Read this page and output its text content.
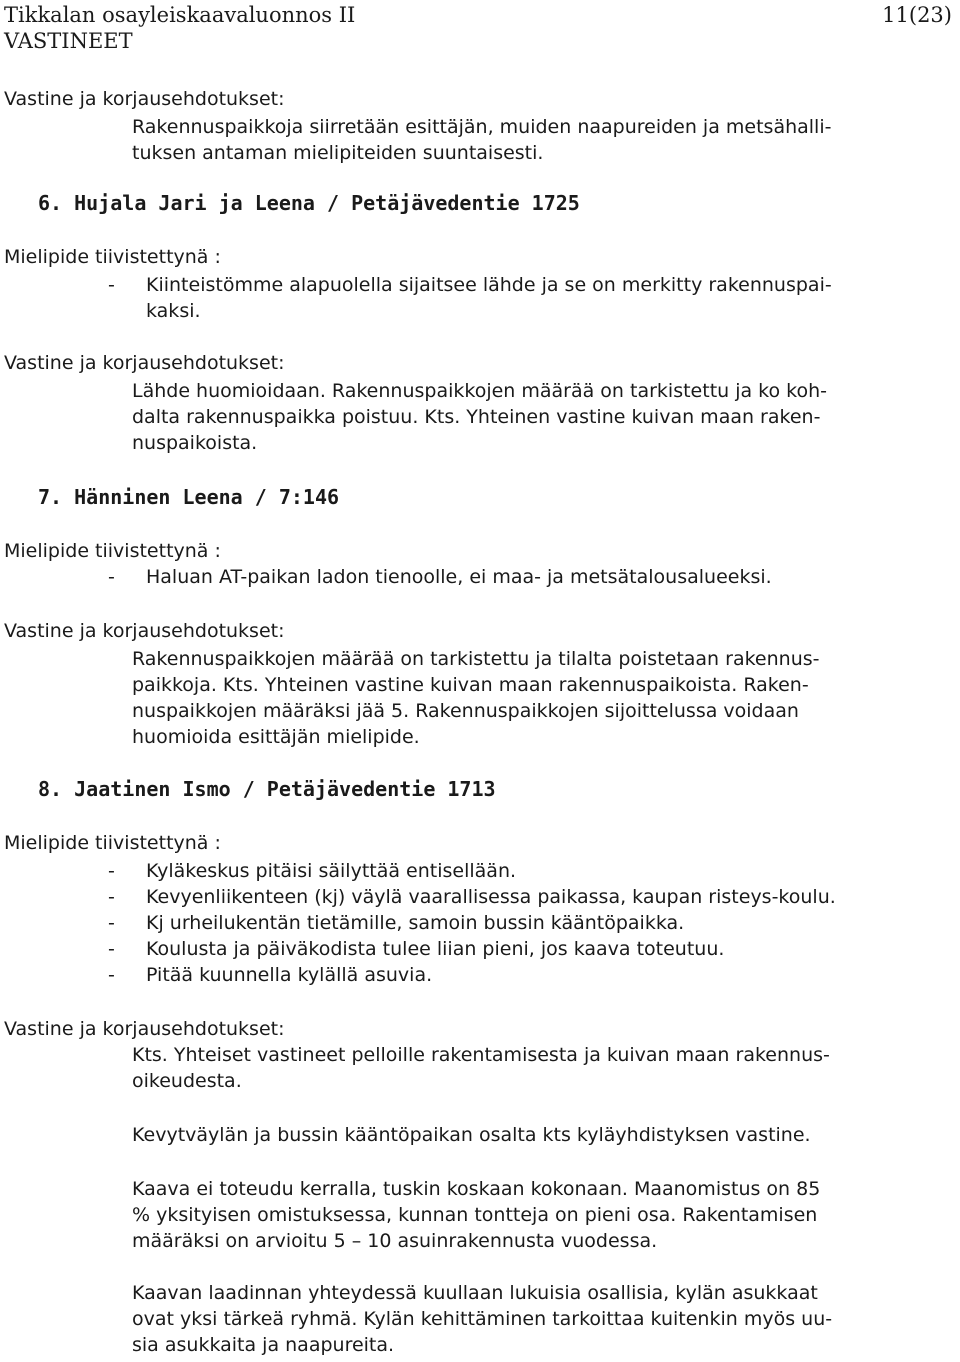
Tikkalan osayleiskaavaluonnos II	11(23)
VASTINEET
Vastine ja korjausehdotukset:
Rakennuspaikkoja siirretään esittäjän, muiden naapureiden ja metsähalli-
tuksen antaman mielipiteiden suuntaisesti.
6. Hujala Jari ja Leena / Petäjävedentie 1725
Mielipide tiivistettynä :
- Kiinteistömme alapuolella sijaitsee lähde ja se on merkitty rakennuspai-
kaksi.
Vastine ja korjausehdotukset:
Lähde huomioidaan. Rakennuspaikkojen määrää on tarkistettu ja ko koh-
dalta rakennuspaikka poistuu. Kts. Yhteinen vastine kuivan maan raken-
nuspaikoista.
7. Hänninen Leena / 7:146
Mielipide tiivistettynä :
- Haluan AT-paikan ladon tienoolle, ei maa- ja metsätalousalueeksi.
Vastine ja korjausehdotukset:
Rakennuspaikkojen määrää on tarkistettu ja tilalta poistetaan rakennus-
paikkoja. Kts. Yhteinen vastine kuivan maan rakennuspaikoista. Raken-
nuspaikkojen määräksi jää 5. Rakennuspaikkojen sijoittelussa voidaan
huomioida esittäjän mielipide.
8. Jaatinen Ismo / Petäjävedentie 1713
Mielipide tiivistettynä :
- Kyläkeskus pitäisi säilyttää entisellään.
- Kevyenliikenteen (kj) väylä vaarallisessa paikassa, kaupan risteys-koulu.
- Kj urheilukentän tietämille, samoin bussin kääntöpaikka.
- Koulusta ja päiväkodista tulee liian pieni, jos kaava toteutuu.
- Pitää kuunnella kylällä asuvia.
Vastine ja korjausehdotukset:
Kts. Yhteiset vastineet pelloille rakentamisesta ja kuivan maan rakennus-
oikeudesta.
Kevytväylän ja bussin kääntöpaikan osalta kts kyläyhdistyksen vastine.
Kaava ei toteudu kerralla, tuskin koskaan kokonaan. Maanomistus on 85
% yksityisen omistuksessa, kunnan tontteja on pieni osa. Rakentamisen
määräksi on arvioitu 5 – 10 asuinrakennusta vuodessa.
Kaavan laadinnan yhteydessä kuullaan lukuisia osallisia, kylän asukkaat
ovat yksi tärkeä ryhmä. Kylän kehittäminen tarkoittaa kuitenkin myös uu-
sia asukkaita ja naapureita.
